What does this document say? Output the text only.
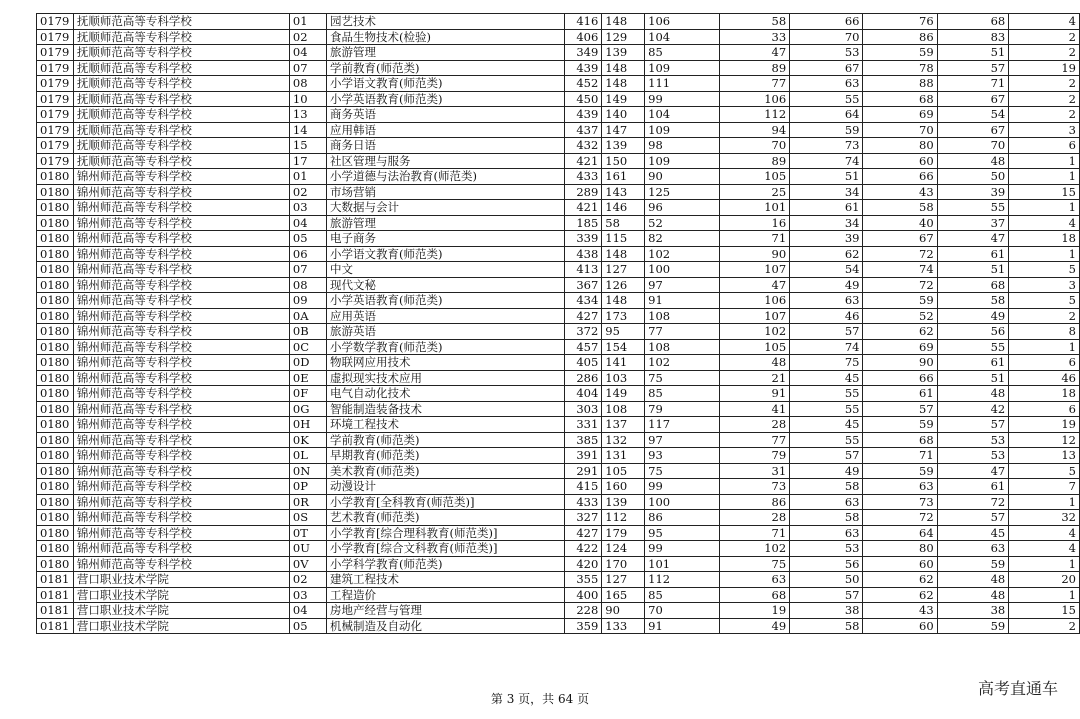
0179	抚顺师范高等专科学校	01	园艺技术	416	148	106	58	66	76	68	4
0179	抚顺师范高等专科学校	02	食品生物技术(检验)	406	129	104	33	70	86	83	2
0179	抚顺师范高等专科学校	04	旅游管理	349	139	85	47	53	59	51	2
0179	抚顺师范高等专科学校	07	学前教育(师范类)	439	148	109	89	67	78	57	19
0179	抚顺师范高等专科学校	08	小学语文教育(师范类)	452	148	111	77	63	88	71	2
0179	抚顺师范高等专科学校	10	小学英语教育(师范类)	450	149	99	106	55	68	67	2
0179	抚顺师范高等专科学校	13	商务英语	439	140	104	112	64	69	54	2
0179	抚顺师范高等专科学校	14	应用韩语	437	147	109	94	59	70	67	3
0179	抚顺师范高等专科学校	15	商务日语	432	139	98	70	73	80	70	6
0179	抚顺师范高等专科学校	17	社区管理与服务	421	150	109	89	74	60	48	1
0180	锦州师范高等专科学校	01	小学道德与法治教育(师范类)	433	161	90	105	51	66	50	1
0180	锦州师范高等专科学校	02	市场营销	289	143	125	25	34	43	39	15
0180	锦州师范高等专科学校	03	大数据与会计	421	146	96	101	61	58	55	1
0180	锦州师范高等专科学校	04	旅游管理	185	58	52	16	34	40	37	4
0180	锦州师范高等专科学校	05	电子商务	339	115	82	71	39	67	47	18
0180	锦州师范高等专科学校	06	小学语文教育(师范类)	438	148	102	90	62	72	61	1
0180	锦州师范高等专科学校	07	中文	413	127	100	107	54	74	51	5
0180	锦州师范高等专科学校	08	现代文秘	367	126	97	47	49	72	68	3
0180	锦州师范高等专科学校	09	小学英语教育(师范类)	434	148	91	106	63	59	58	5
0180	锦州师范高等专科学校	0A	应用英语	427	173	108	107	46	52	49	2
0180	锦州师范高等专科学校	0B	旅游英语	372	95	77	102	57	62	56	8
0180	锦州师范高等专科学校	0C	小学数学教育(师范类)	457	154	108	105	74	69	55	1
0180	锦州师范高等专科学校	0D	物联网应用技术	405	141	102	48	75	90	61	6
0180	锦州师范高等专科学校	0E	虚拟现实技术应用	286	103	75	21	45	66	51	46
0180	锦州师范高等专科学校	0F	电气自动化技术	404	149	85	91	55	61	48	18
0180	锦州师范高等专科学校	0G	智能制造装备技术	303	108	79	41	55	57	42	6
0180	锦州师范高等专科学校	0H	环境工程技术	331	137	117	28	45	59	57	19
0180	锦州师范高等专科学校	0K	学前教育(师范类)	385	132	97	77	55	68	53	12
0180	锦州师范高等专科学校	0L	早期教育(师范类)	391	131	93	79	57	71	53	13
0180	锦州师范高等专科学校	0N	美术教育(师范类)	291	105	75	31	49	59	47	5
0180	锦州师范高等专科学校	0P	动漫设计	415	160	99	73	58	63	61	7
0180	锦州师范高等专科学校	0R	小学教育[全科教育(师范类)]	433	139	100	86	63	73	72	1
0180	锦州师范高等专科学校	0S	艺术教育(师范类)	327	112	86	28	58	72	57	32
0180	锦州师范高等专科学校	0T	小学教育[综合理科教育(师范类)]	427	179	95	71	63	64	45	4
0180	锦州师范高等专科学校	0U	小学教育[综合文科教育(师范类)]	422	124	99	102	53	80	63	4
0180	锦州师范高等专科学校	0V	小学科学教育(师范类)	420	170	101	75	56	60	59	1
0181	营口职业技术学院	02	建筑工程技术	355	127	112	63	50	62	48	20
0181	营口职业技术学院	03	工程造价	400	165	85	68	57	62	48	1
0181	营口职业技术学院	04	房地产经营与管理	228	90	70	19	38	43	38	15
0181	营口职业技术学院	05	机械制造及自动化	359	133	91	49	58	60	59	2
第 3 页，共 64 页
高考直通车
